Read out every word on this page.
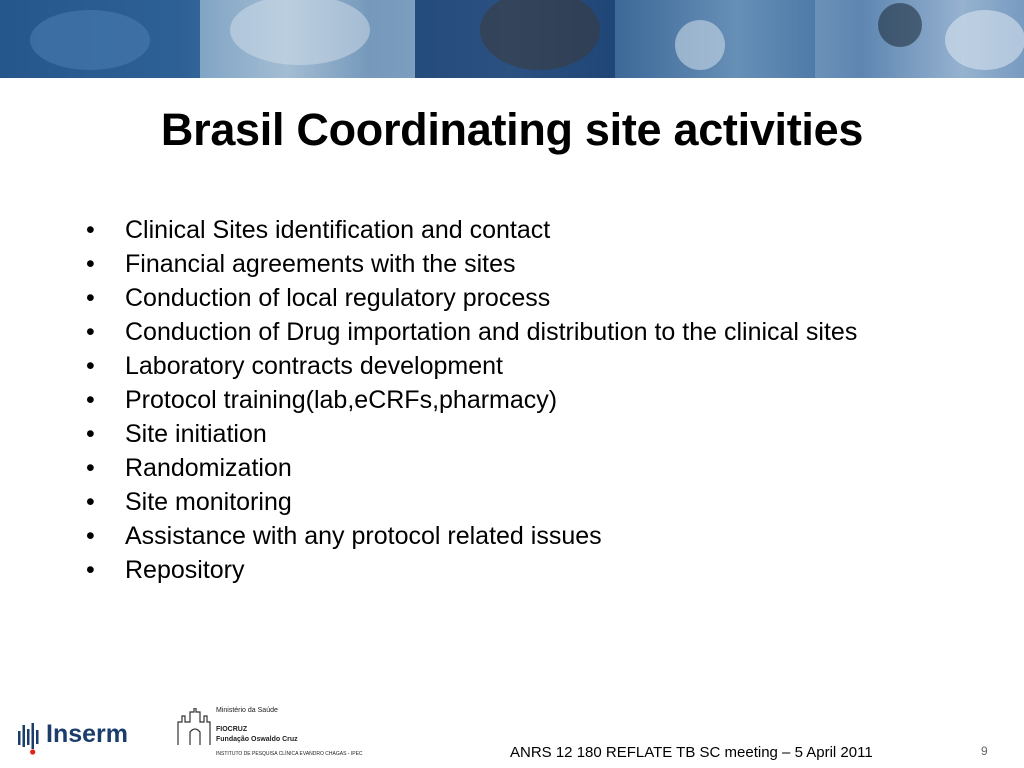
Brasil Coordinating site activities
• Clinical Sites identification and contact
• Financial agreements with the sites
• Conduction of local regulatory process
• Conduction of Drug importation and distribution to the clinical sites
• Laboratory contracts development
• Protocol training(lab,eCRFs,pharmacy)
• Site initiation
• Randomization
• Site monitoring
• Assistance with any protocol related issues
• Repository
Inserm
Ministério da Saúde
FIOCRUZ
Fundação Oswaldo Cruz
INSTITUTO DE PESQUISA CLÍNICA EVANDRO CHAGAS - IPEC	ANRS 12 180 REFLATE TB SC meeting – 5 April 2011	9
